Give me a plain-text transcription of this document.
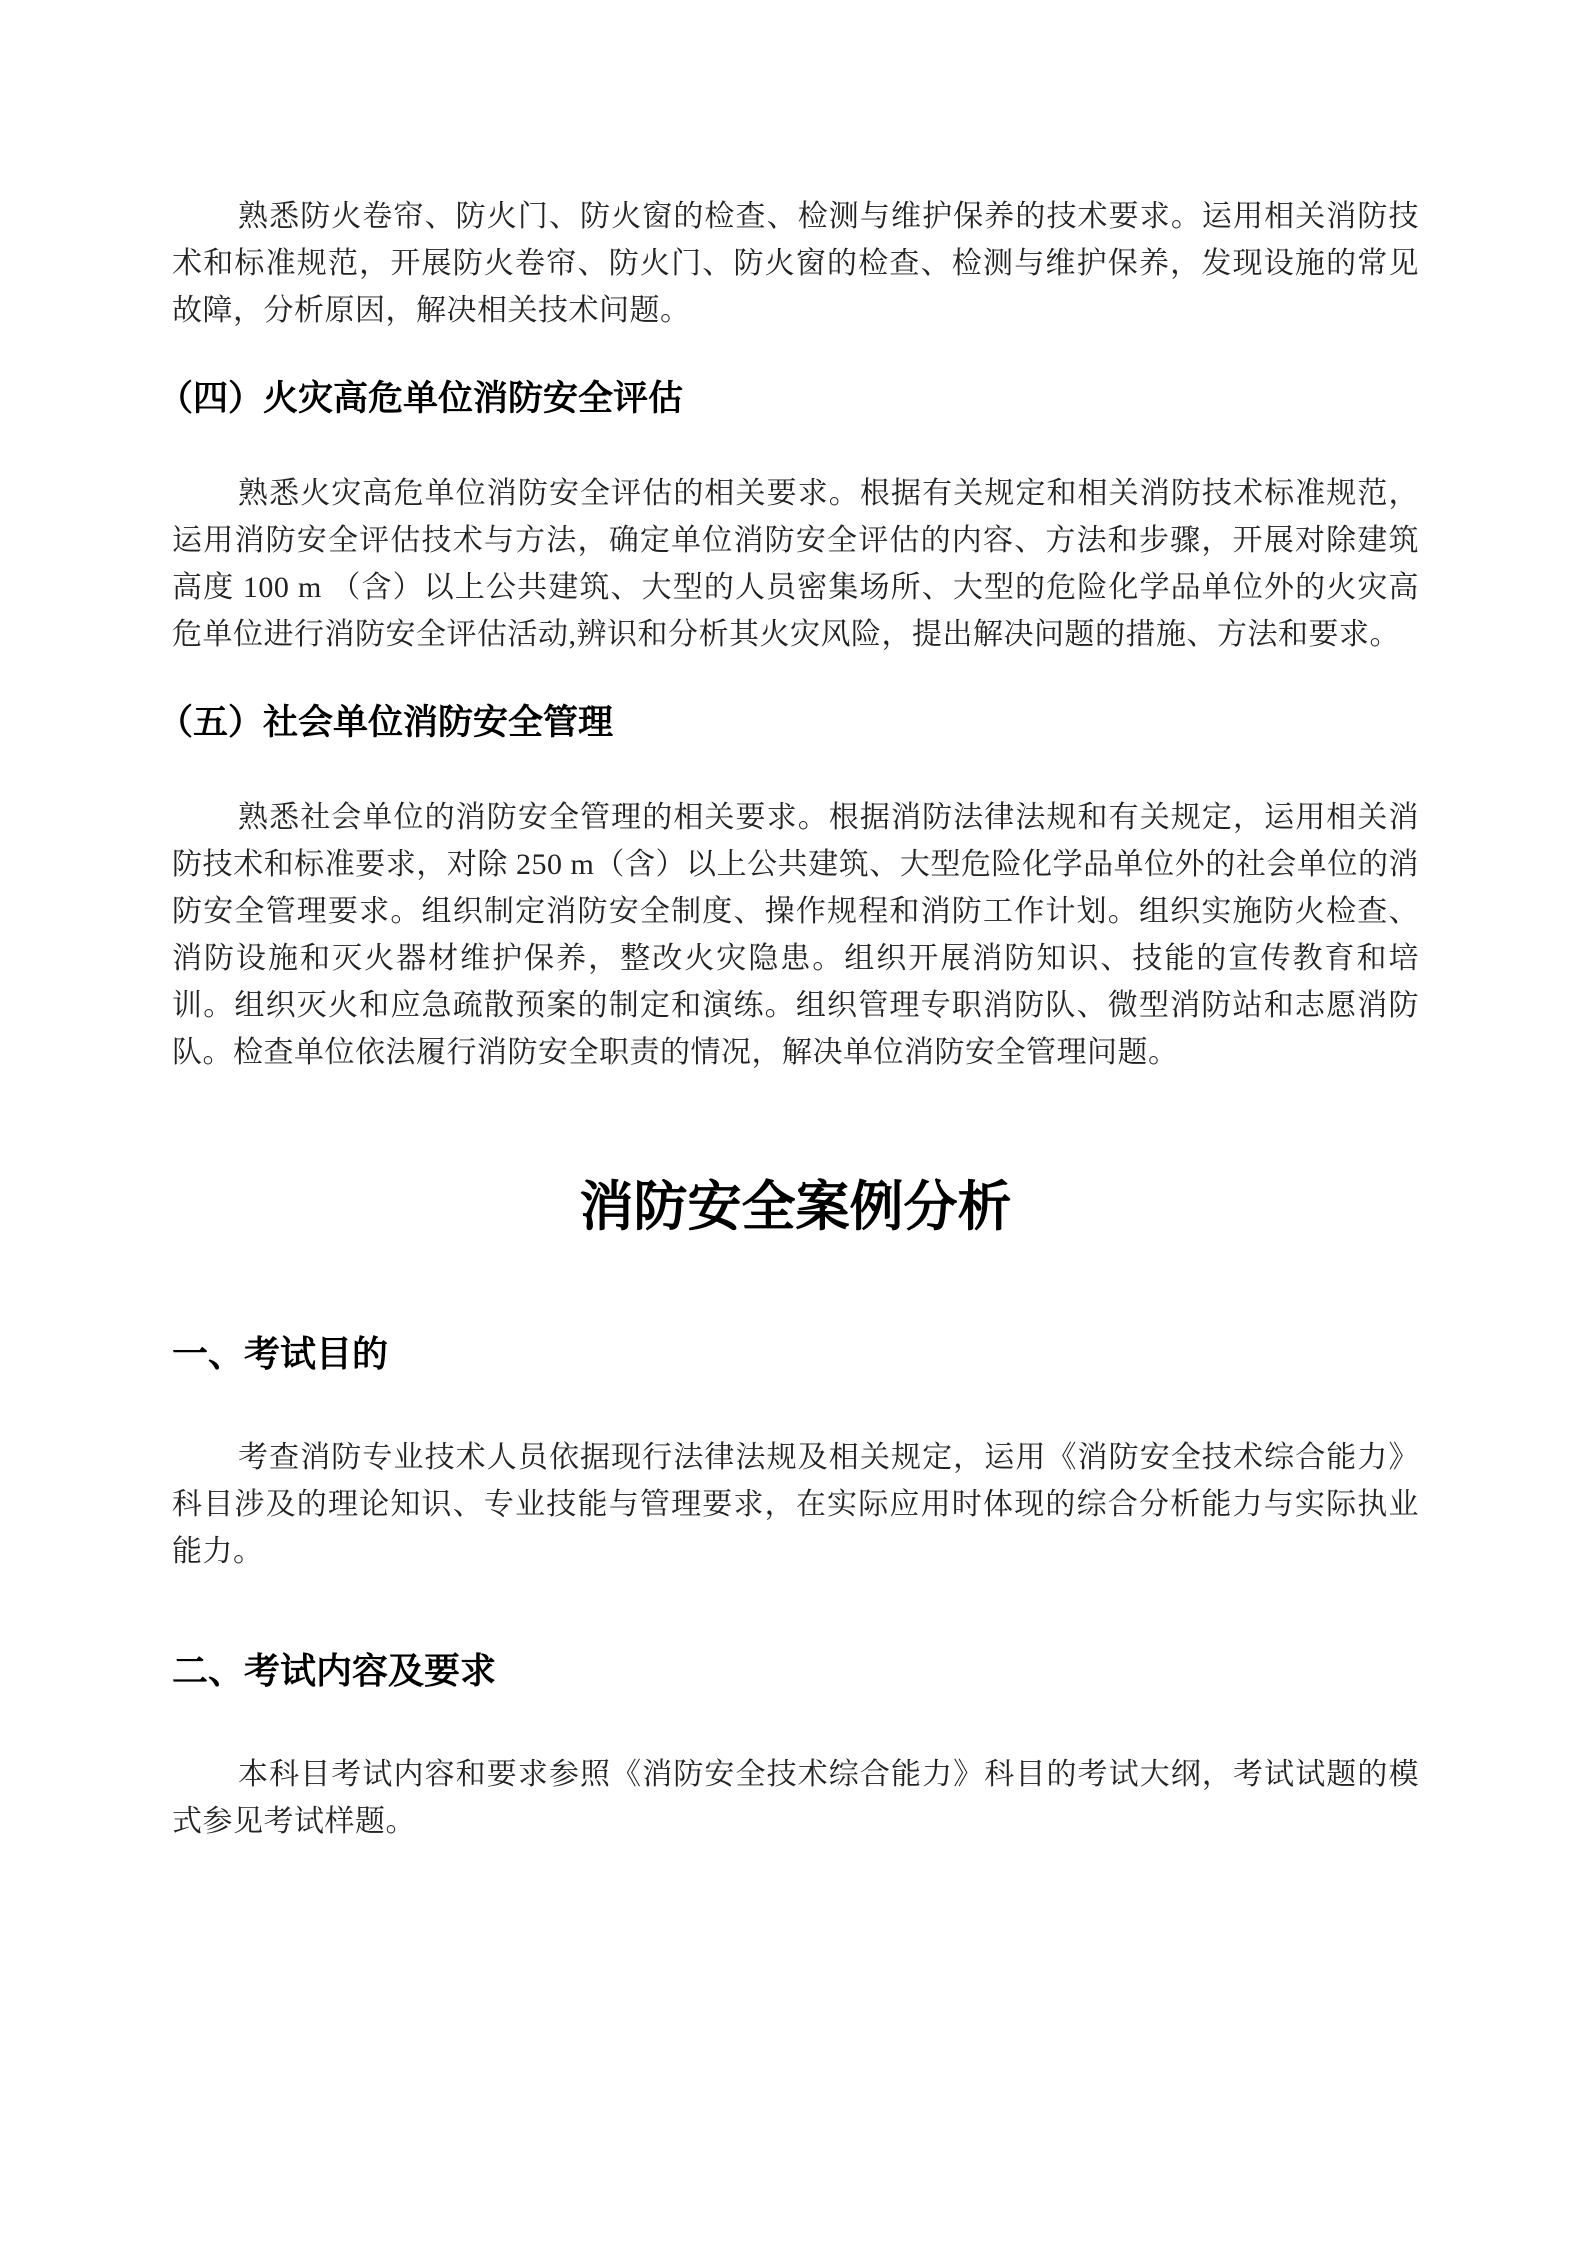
熟悉防火卷帘、防火门、防火窗的检查、检测与维护保养的技术要求。运用相关消防技术和标准规范，开展防火卷帘、防火门、防火窗的检查、检测与维护保养，发现设施的常见故障，分析原因，解决相关技术问题。

（四）火灾高危单位消防安全评估

熟悉火灾高危单位消防安全评估的相关要求。根据有关规定和相关消防技术标准规范，运用消防安全评估技术与方法，确定单位消防安全评估的内容、方法和步骤，开展对除建筑高度 100 m （含）以上公共建筑、大型的人员密集场所、大型的危险化学品单位外的火灾高危单位进行消防安全评估活动,辨识和分析其火灾风险，提出解决问题的措施、方法和要求。

（五）社会单位消防安全管理

熟悉社会单位的消防安全管理的相关要求。根据消防法律法规和有关规定，运用相关消防技术和标准要求，对除 250 m（含）以上公共建筑、大型危险化学品单位外的社会单位的消防安全管理要求。组织制定消防安全制度、操作规程和消防工作计划。组织实施防火检查、消防设施和灭火器材维护保养，整改火灾隐患。组织开展消防知识、技能的宣传教育和培训。组织灭火和应急疏散预案的制定和演练。组织管理专职消防队、微型消防站和志愿消防队。检查单位依法履行消防安全职责的情况，解决单位消防安全管理问题。

消防安全案例分析
一、考试目的

考查消防专业技术人员依据现行法律法规及相关规定，运用《消防安全技术综合能力》科目涉及的理论知识、专业技能与管理要求，在实际应用时体现的综合分析能力与实际执业能力。

二、考试内容及要求

本科目考试内容和要求参照《消防安全技术综合能力》科目的考试大纲，考试试题的模式参见考试样题。
